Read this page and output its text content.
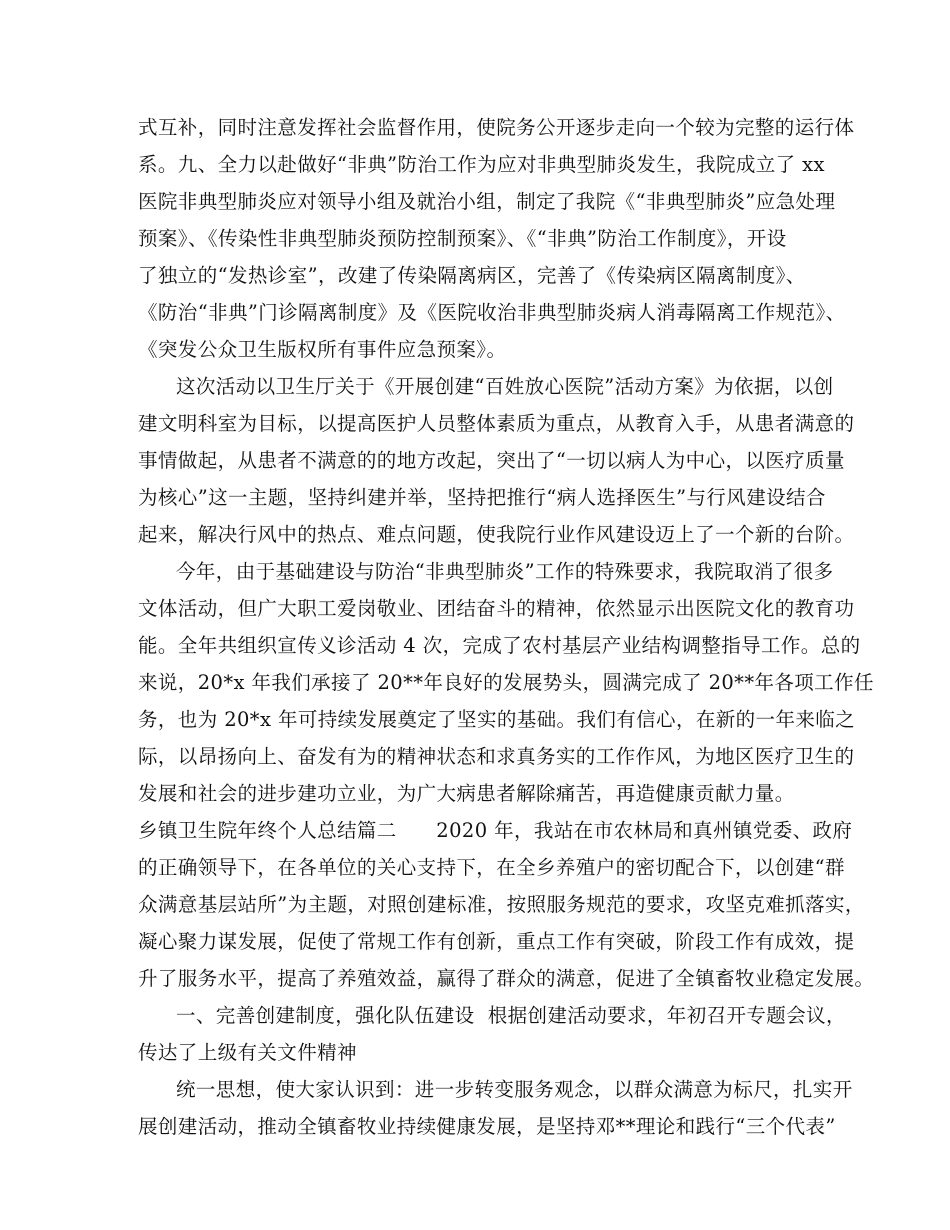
式互补，同时注意发挥社会监督作用，使院务公开逐步走向一个较为完整的运行体
系。九、全力以赴做好“非典”防治工作为应对非典型肺炎发生，我院成立了 xx
医院非典型肺炎应对领导小组及就治小组，制定了我院《“非典型肺炎”应急处理
预案》、《传染性非典型肺炎预防控制预案》、《“非典”防治工作制度》，开设
了独立的“发热诊室”，改建了传染隔离病区，完善了《传染病区隔离制度》、
《防治“非典”门诊隔离制度》及《医院收治非典型肺炎病人消毒隔离工作规范》、
《突发公众卫生版权所有事件应急预案》。
这次活动以卫生厅关于《开展创建“百姓放心医院”活动方案》为依据，以创
建文明科室为目标，以提高医护人员整体素质为重点，从教育入手，从患者满意的
事情做起，从患者不满意的的地方改起，突出了“一切以病人为中心，以医疗质量
为核心”这一主题，坚持纠建并举，坚持把推行“病人选择医生”与行风建设结合
起来，解决行风中的热点、难点问题，使我院行业作风建设迈上了一个新的台阶。
今年，由于基础建设与防治“非典型肺炎”工作的特殊要求，我院取消了很多
文体活动，但广大职工爱岗敬业、团结奋斗的精神，依然显示出医院文化的教育功
能。全年共组织宣传义诊活动 4 次，完成了农村基层产业结构调整指导工作。总的
来说，20*x 年我们承接了 20**年良好的发展势头，圆满完成了 20**年各项工作任
务，也为 20*x 年可持续发展奠定了坚实的基础。我们有信心，在新的一年来临之
际，以昂扬向上、奋发有为的精神状态和求真务实的工作作风，为地区医疗卫生的
发展和社会的进步建功立业，为广大病患者解除痛苦，再造健康贡献力量。
乡镇卫生院年终个人总结篇二      2020 年，我站在市农林局和真州镇党委、政府
的正确领导下，在各单位的关心支持下，在全乡养殖户的密切配合下，以创建“群
众满意基层站所”为主题，对照创建标准，按照服务规范的要求，攻坚克难抓落实，
凝心聚力谋发展，促使了常规工作有创新，重点工作有突破，阶段工作有成效，提
升了服务水平，提高了养殖效益，赢得了群众的满意，促进了全镇畜牧业稳定发展。
一、完善创建制度，强化队伍建设  根据创建活动要求，年初召开专题会议，
传达了上级有关文件精神
统一思想，使大家认识到：进一步转变服务观念，以群众满意为标尺，扎实开
展创建活动，推动全镇畜牧业持续健康发展，是坚持邓**理论和践行“三个代表”
